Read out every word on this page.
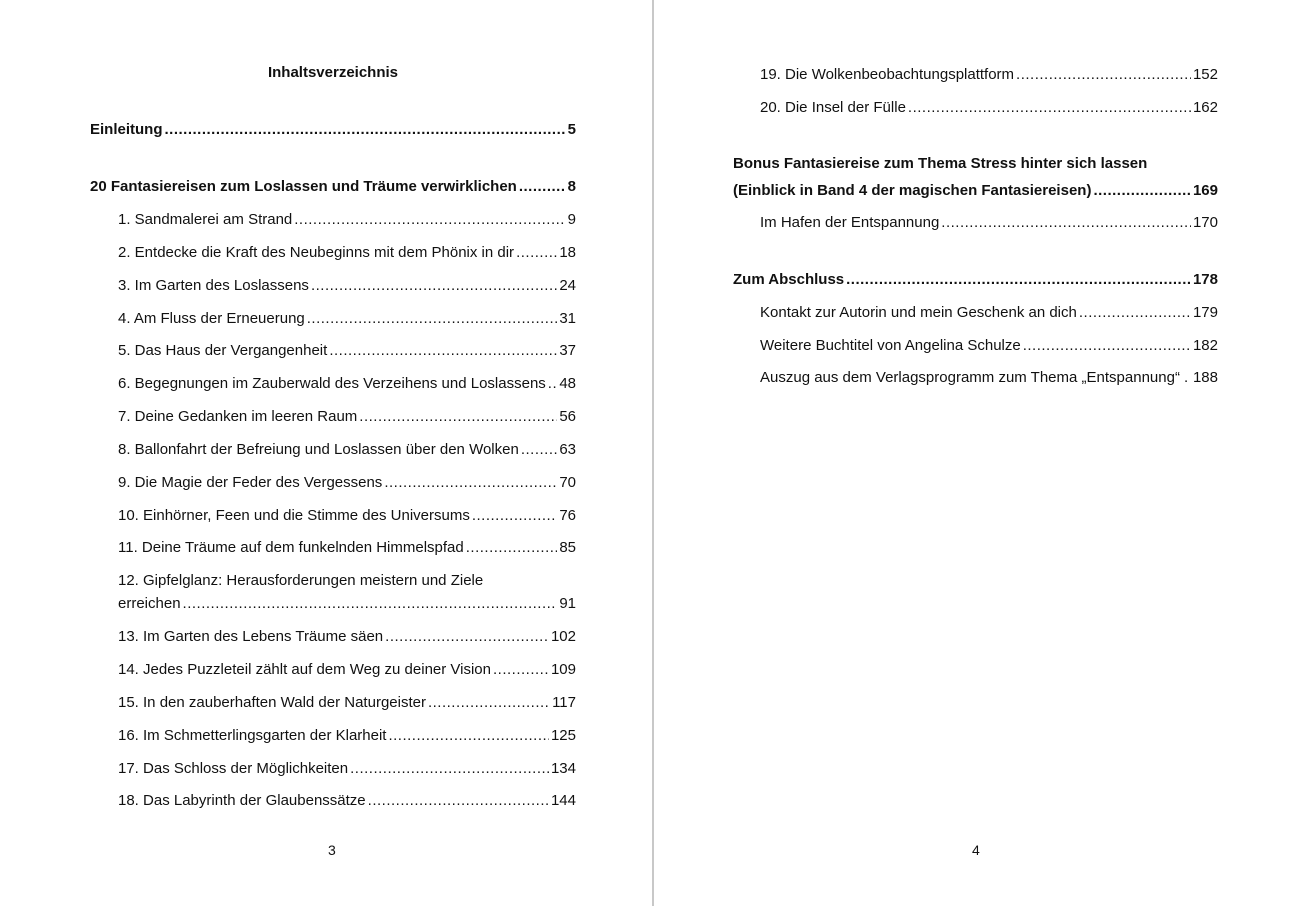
Inhaltsverzeichnis
Einleitung .....	5
20 Fantasiereisen zum Loslassen und Träume verwirklichen .....	8
1. Sandmalerei am Strand .....	9
2. Entdecke die Kraft des Neubeginns mit dem Phönix in dir .....	18
3. Im Garten des Loslassens .....	24
4. Am Fluss der Erneuerung .....	31
5. Das Haus der Vergangenheit .....	37
6. Begegnungen im Zauberwald des Verzeihens und Loslassens ..... 48
7. Deine Gedanken im leeren Raum .....	56
8. Ballonfahrt der Befreiung und Loslassen über den Wolken .....	63
9. Die Magie der Feder des Vergessens .....	70
10. Einhörner, Feen und die Stimme des Universums .....	76
11. Deine Träume auf dem funkelnden Himmelspfad .....	85
12. Gipfelglanz: Herausforderungen meistern und Ziele
erreichen .....	91
13. Im Garten des Lebens Träume säen .....	102
14. Jedes Puzzleteil zählt auf dem Weg zu deiner Vision .....	109
15. In den zauberhaften Wald der Naturgeister .....	117
16. Im Schmetterlingsgarten der Klarheit .....	125
17. Das Schloss der Möglichkeiten .....	134
18. Das Labyrinth der Glaubenssätze .....	144
3
19. Die Wolkenbeobachtungsplattform .....	152
20. Die Insel der Fülle .....	162
Bonus Fantasiereise zum Thema Stress hinter sich lassen
(Einblick in Band 4 der magischen Fantasiereisen) .....	169
Im Hafen der Entspannung .....	170
Zum Abschluss .....	178
Kontakt zur Autorin und mein Geschenk an dich .....	179
Weitere Buchtitel von Angelina Schulze .....	182
Auszug aus dem Verlagsprogramm zum Thema „Entspannung“ ..... 188
4
